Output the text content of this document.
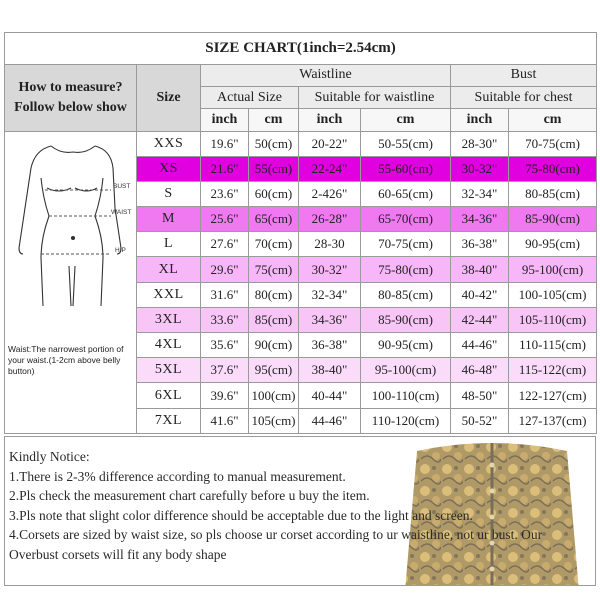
SIZE CHART(1inch=2.54cm)							

How to measure?
Follow below show	Size	Waistline				Bust	
		Actual Size		Suitable for waistline		Suitable for chest	
		inch	cm	inch	cm	inch	cm

BUST
WAIST
HIP
Waist:The narrowest portion of your waist.(1-2cm above belly button)	XXS	19.6"	50(cm)	20-22"	50-55(cm)	28-30"	70-75(cm)
	XS	21.6"	55(cm)	22-24"	55-60(cm)	30-32"	75-80(cm)
	S	23.6"	60(cm)	2-426"	60-65(cm)	32-34"	80-85(cm)
	M	25.6"	65(cm)	26-28"	65-70(cm)	34-36"	85-90(cm)
	L	27.6"	70(cm)	28-30	70-75(cm)	36-38"	90-95(cm)
	XL	29.6"	75(cm)	30-32"	75-80(cm)	38-40"	95-100(cm)
	XXL	31.6"	80(cm)	32-34"	80-85(cm)	40-42"	100-105(cm)
	3XL	33.6"	85(cm)	34-36"	85-90(cm)	42-44"	105-110(cm)
	4XL	35.6"	90(cm)	36-38"	90-95(cm)	44-46"	110-115(cm)
	5XL	37.6"	95(cm)	38-40"	95-100(cm)	46-48"	115-122(cm)
	6XL	39.6"	100(cm)	40-44"	100-110(cm)	48-50"	122-127(cm)
	7XL	41.6"	105(cm)	44-46"	110-120(cm)	50-52"	127-137(cm)
Kindly Notice:
1.There is 2-3% difference according to manual measurement.
2.Pls check the measurement chart carefully before u buy the item.
3.Pls note that slight color difference should be acceptable due to the light and screen.
4.Corsets are sized by waist size, so pls choose ur corset according to ur waistline, not ur bust. Our
Overbust corsets will fit any body shape
